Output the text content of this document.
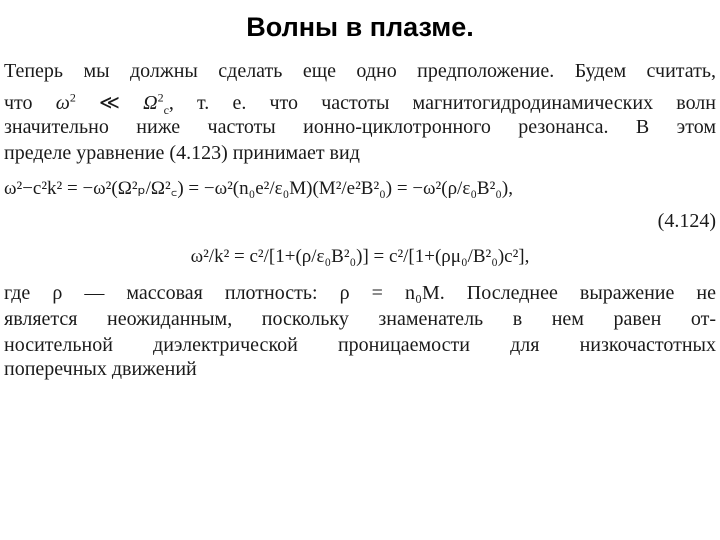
Волны в плазме.
Теперь мы должны сделать еще одно предположение. Будем считать,
что $\omega^2$ ≪ $\Omega^2_c$, т. е. что частоты магнитогидродинамических волн
значительно ниже частоты ионно-циклотронного резонанса. В этом
пределе уравнение (4.123) принимает вид
ω²−c²k² = −ω²(Ω²ₚ/Ω²꜀) = −ω²(n₀e²/ε₀M)(M²/e²B²₀) = −ω²(ρ/ε₀B²₀),
(4.124)
ω²/k² = c²/[1+(ρ/ε₀B²₀)] = c²/[1+(ρμ₀/B²₀)c²],
где ρ — массовая плотность: ρ = n₀M. Последнее выражение не
является неожиданным, поскольку знаменатель в нем равен от-
носительной диэлектрической проницаемости для низкочастотных
поперечных движений
